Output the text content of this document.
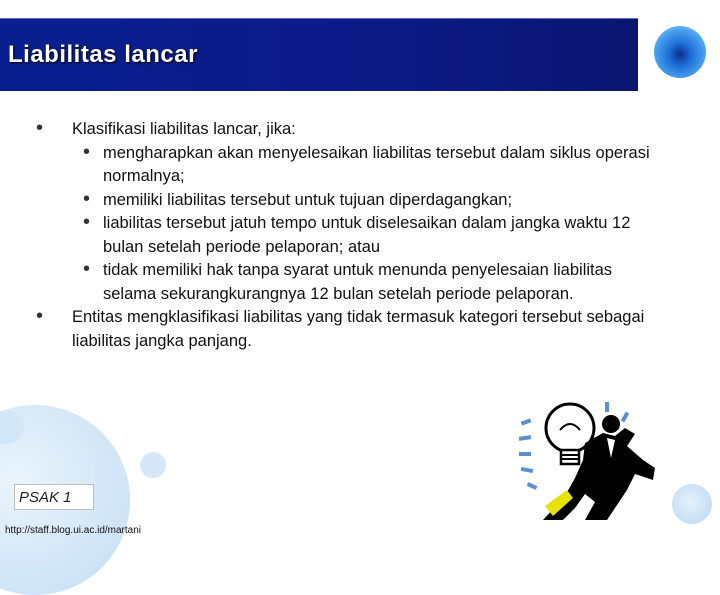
Liabilitas lancar
• Klasifikasi liabilitas lancar, jika:
• mengharapkan akan menyelesaikan liabilitas tersebut dalam siklus operasi normalnya;
• memiliki liabilitas tersebut untuk tujuan diperdagangkan;
• liabilitas tersebut jatuh tempo untuk diselesaikan dalam jangka waktu 12 bulan setelah periode pelaporan; atau
• tidak memiliki hak tanpa syarat untuk menunda penyelesaian liabilitas selama sekurangkurangnya 12 bulan setelah periode pelaporan.
• Entitas mengklasifikasi liabilitas yang tidak termasuk kategori tersebut sebagai liabilitas jangka panjang.
PSAK 1
http://staff.blog.ui.ac.id/martani
